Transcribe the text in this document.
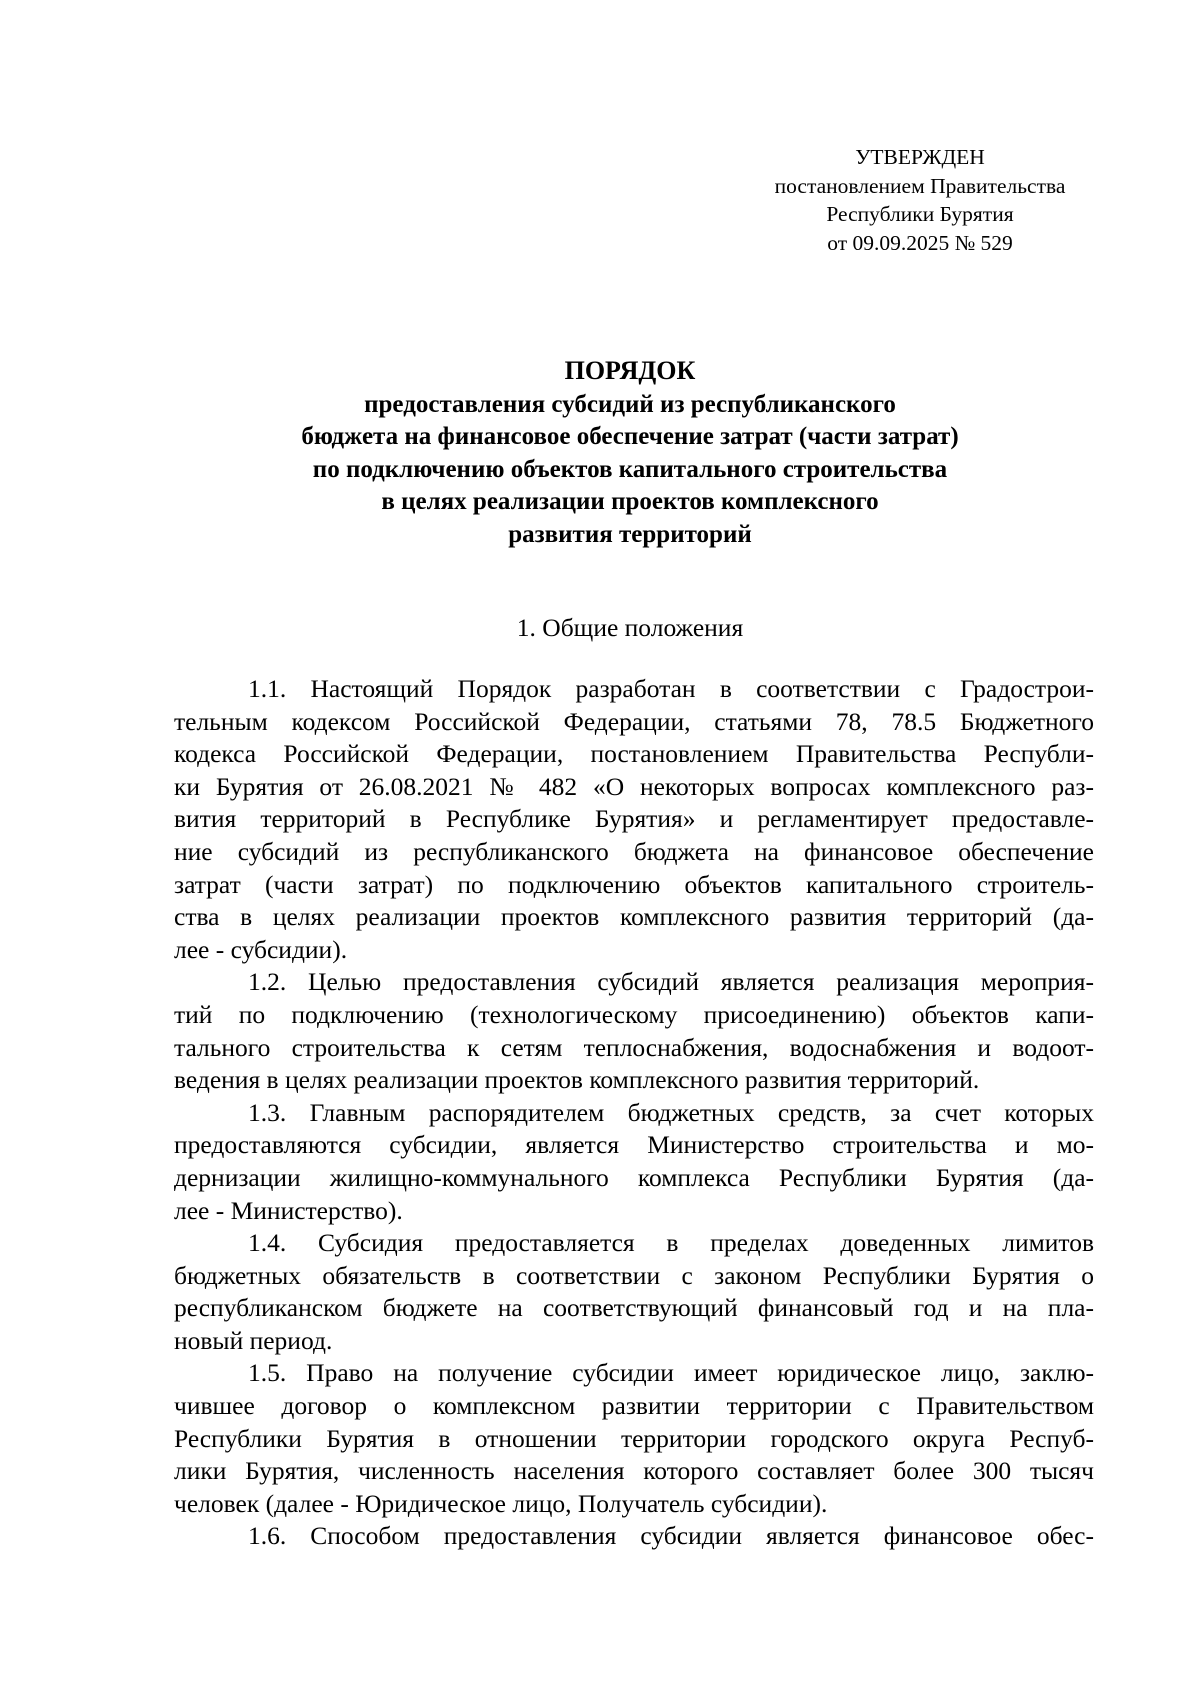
УТВЕРЖДЕН
постановлением Правительства
Республики Бурятия
от 09.09.2025 № 529
ПОРЯДОК
предоставления субсидий из республиканского
бюджета на финансовое обеспечение затрат (части затрат)
по подключению объектов капитального строительства
в целях реализации проектов комплексного
развития территорий
1. Общие положения
1.1. Настоящий Порядок разработан в соответствии с Градострои-
тельным кодексом Российской Федерации, статьями 78, 78.5 Бюджетного
кодекса Российской Федерации, постановлением Правительства Республи-
ки Бурятия от 26.08.2021 № 482 «О некоторых вопросах комплексного раз-
вития территорий в Республике Бурятия» и регламентирует предоставле-
ние субсидий из республиканского бюджета на финансовое обеспечение
затрат (части затрат) по подключению объектов капитального строитель-
ства в целях реализации проектов комплексного развития территорий (да-
лее - субсидии).
1.2. Целью предоставления субсидий является реализация мероприя-
тий по подключению (технологическому присоединению) объектов капи-
тального строительства к сетям теплоснабжения, водоснабжения и водоот-
ведения в целях реализации проектов комплексного развития территорий.
1.3. Главным распорядителем бюджетных средств, за счет которых
предоставляются субсидии, является Министерство строительства и мо-
дернизации жилищно-коммунального комплекса Республики Бурятия (да-
лее - Министерство).
1.4. Субсидия предоставляется в пределах доведенных лимитов
бюджетных обязательств в соответствии с законом Республики Бурятия о
республиканском бюджете на соответствующий финансовый год и на пла-
новый период.
1.5. Право на получение субсидии имеет юридическое лицо, заклю-
чившее договор о комплексном развитии территории с Правительством
Республики Бурятия в отношении территории городского округа Респуб-
лики Бурятия, численность населения которого составляет более 300 тысяч
человек (далее - Юридическое лицо, Получатель субсидии).
1.6. Способом предоставления субсидии является финансовое обес-
